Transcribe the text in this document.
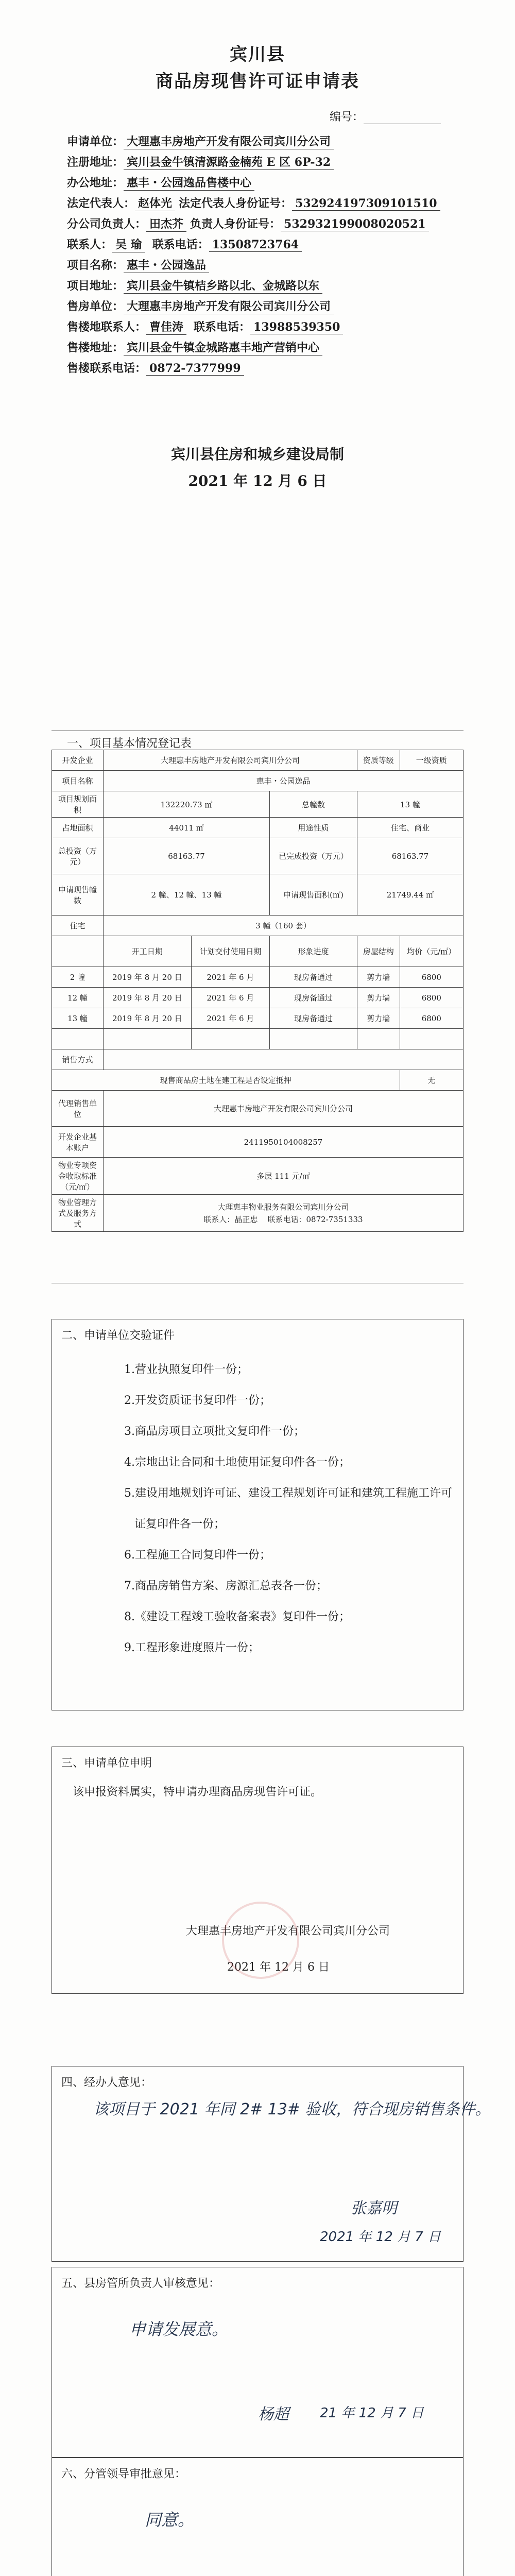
宾川县
商品房现售许可证申请表
编号：
申请单位： 大理惠丰房地产开发有限公司宾川分公司
注册地址： 宾川县金牛镇清源路金楠苑 E 区 6P-32
办公地址： 惠丰・公园逸品售楼中心
法定代表人： 赵体光 法定代表人身份证号： 532924197309101510
分公司负责人： 田杰芥 负责人身份证号： 532932199008020521
联系人： 吴 瑜 联系电话： 13508723764
项目名称： 惠丰・公园逸品
项目地址： 宾川县金牛镇桔乡路以北、金城路以东
售房单位： 大理惠丰房地产开发有限公司宾川分公司
售楼地联系人： 曹佳涛 联系电话： 13988539350
售楼地址： 宾川县金牛镇金城路惠丰地产营销中心
售楼联系电话： 0872-7377999
宾川县住房和城乡建设局制
2021 年 12 月 6 日
一、项目基本情况登记表
开发企业	大理惠丰房地产开发有限公司宾川分公司			资质等级	一级资质
项目名称	惠丰・公园逸品				
项目规划面积	132220.73 ㎡		总幢数	13 幢	
占地面积	44011 ㎡		用途性质	住宅、商业	
总投资（万元）	68163.77		已完成投资（万元）	68163.77	
申请现售幢数	2 幢、12 幢、13 幢		申请现售面积(㎡)	21749.44 ㎡	
住宅	3 幢（160 套）				
	开工日期	计划交付使用日期	形象进度	房屋结构	均价（元/㎡）
2 幢	2019 年 8 月 20 日	2021 年 6 月	现房备通过	剪力墙	6800
12 幢	2019 年 8 月 20 日	2021 年 6 月	现房备通过	剪力墙	6800
13 幢	2019 年 8 月 20 日	2021 年 6 月	现房备通过	剪力墙	6800

销售方式					
现售商品房土地在建工程是否设定抵押					无
代理销售单位	大理惠丰房地产开发有限公司宾川分公司				
开发企业基本账户	2411950104008257				
物业专项资金收取标准（元/㎡）	多层 111 元/㎡				
物业管理方式及服务方式	大理惠丰物业服务有限公司宾川分公司
联系人：晶正忠 联系电话：0872-7351333				
二、申请单位交验证件
1.营业执照复印件一份；
2.开发资质证书复印件一份；
3.商品房项目立项批文复印件一份；
4.宗地出让合同和土地使用证复印件各一份；
5.建设用地规划许可证、建设工程规划许可证和建筑工程施工许可
证复印件各一份；
6.工程施工合同复印件一份；
7.商品房销售方案、房源汇总表各一份；
8.《建设工程竣工验收备案表》复印件一份；
9.工程形象进度照片一份；
三、申请单位申明
该申报资料属实，特申请办理商品房现售许可证。
大理惠丰房地产开发有限公司宾川分公司
2021 年 12 月 6 日
四、经办人意见：
该项目于 2021 年同 2# 13# 验收，符合现房销售条件。
张嘉明
2021 年 12 月 7 日
五、县房管所负责人审核意见：
申请发展意。
杨超 21 年 12 月 7 日
六、分管领导审批意见：
同意。
